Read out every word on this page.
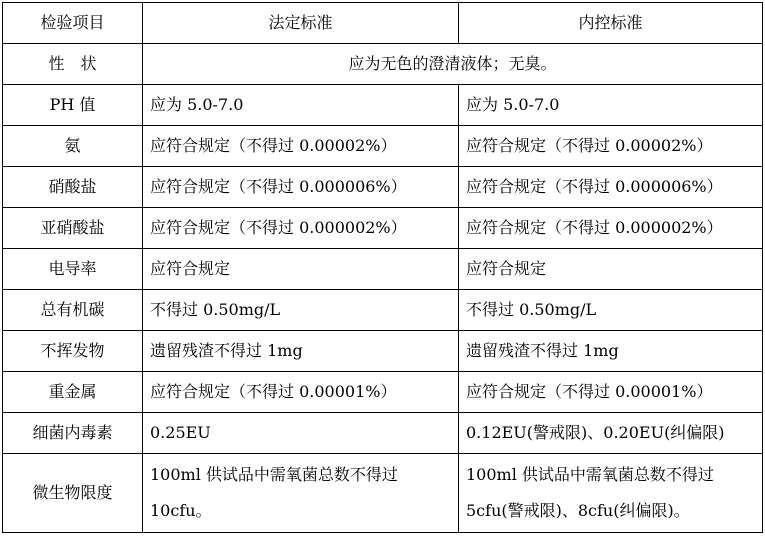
检验项目	法定标准	内控标准
性　状	应为无色的澄清液体；无臭。	
PH 值	应为 5.0-7.0	应为 5.0-7.0
氨	应符合规定（不得过 0.00002%）	应符合规定（不得过 0.00002%）
硝酸盐	应符合规定（不得过 0.000006%）	应符合规定（不得过 0.000006%）
亚硝酸盐	应符合规定（不得过 0.000002%）	应符合规定（不得过 0.000002%）
电导率	应符合规定	应符合规定
总有机碳	不得过 0.50mg/L	不得过 0.50mg/L
不挥发物	遗留残渣不得过 1mg	遗留残渣不得过 1mg
重金属	应符合规定（不得过 0.00001%）	应符合规定（不得过 0.00001%）
细菌内毒素	0.25EU	0.12EU(警戒限)、0.20EU(纠偏限)
微生物限度	100ml 供试品中需氧菌总数不得过 10cfu。	100ml 供试品中需氧菌总数不得过 5cfu(警戒限)、8cfu(纠偏限)。
